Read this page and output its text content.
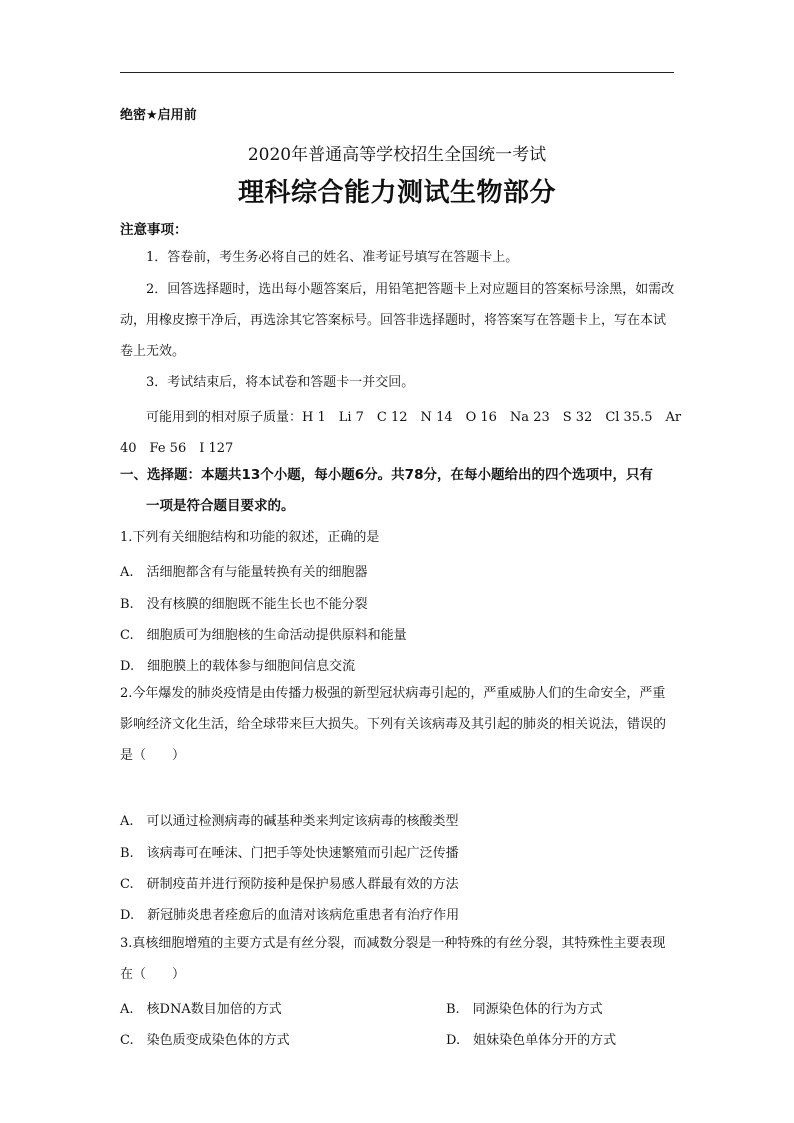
绝密★启用前
2020年普通高等学校招生全国统一考试
理科综合能力测试生物部分
注意事项：
1．答卷前，考生务必将自己的姓名、准考证号填写在答题卡上。
2．回答选择题时，选出每小题答案后，用铅笔把答题卡上对应题目的答案标号涂黑，如需改动，用橡皮擦干净后，再选涂其它答案标号。回答非选择题时，将答案写在答题卡上，写在本试卷上无效。
3．考试结束后，将本试卷和答题卡一并交回。
可能用到的相对原子质量：H 1　Li 7　C 12　N 14　O 16　Na 23　S 32　Cl 35.5　Ar
40　Fe 56　I 127
一、选择题：本题共13个小题，每小题6分。共78分，在每小题给出的四个选项中，只有
一项是符合题目要求的。
1.下列有关细胞结构和功能的叙述，正确的是
A.　活细胞都含有与能量转换有关的细胞器
B.　没有核膜的细胞既不能生长也不能分裂
C.　细胞质可为细胞核的生命活动提供原料和能量
D.　细胞膜上的载体参与细胞间信息交流
2.今年爆发的肺炎疫情是由传播力极强的新型冠状病毒引起的，严重威胁人们的生命安全，严重影响经济文化生活，给全球带来巨大损失。下列有关该病毒及其引起的肺炎的相关说法，错误的是（　　）
A.　可以通过检测病毒的碱基种类来判定该病毒的核酸类型
B.　该病毒可在唾沫、门把手等处快速繁殖而引起广泛传播
C.　研制疫苗并进行预防接种是保护易感人群最有效的方法
D.　新冠肺炎患者痊愈后的血清对该病危重患者有治疗作用
3.真核细胞增殖的主要方式是有丝分裂，而减数分裂是一种特殊的有丝分裂，其特殊性主要表现在（　　）
A.　核DNA数目加倍的方式	B.　同源染色体的行为方式
C.　染色质变成染色体的方式	D.　姐妹染色单体分开的方式
